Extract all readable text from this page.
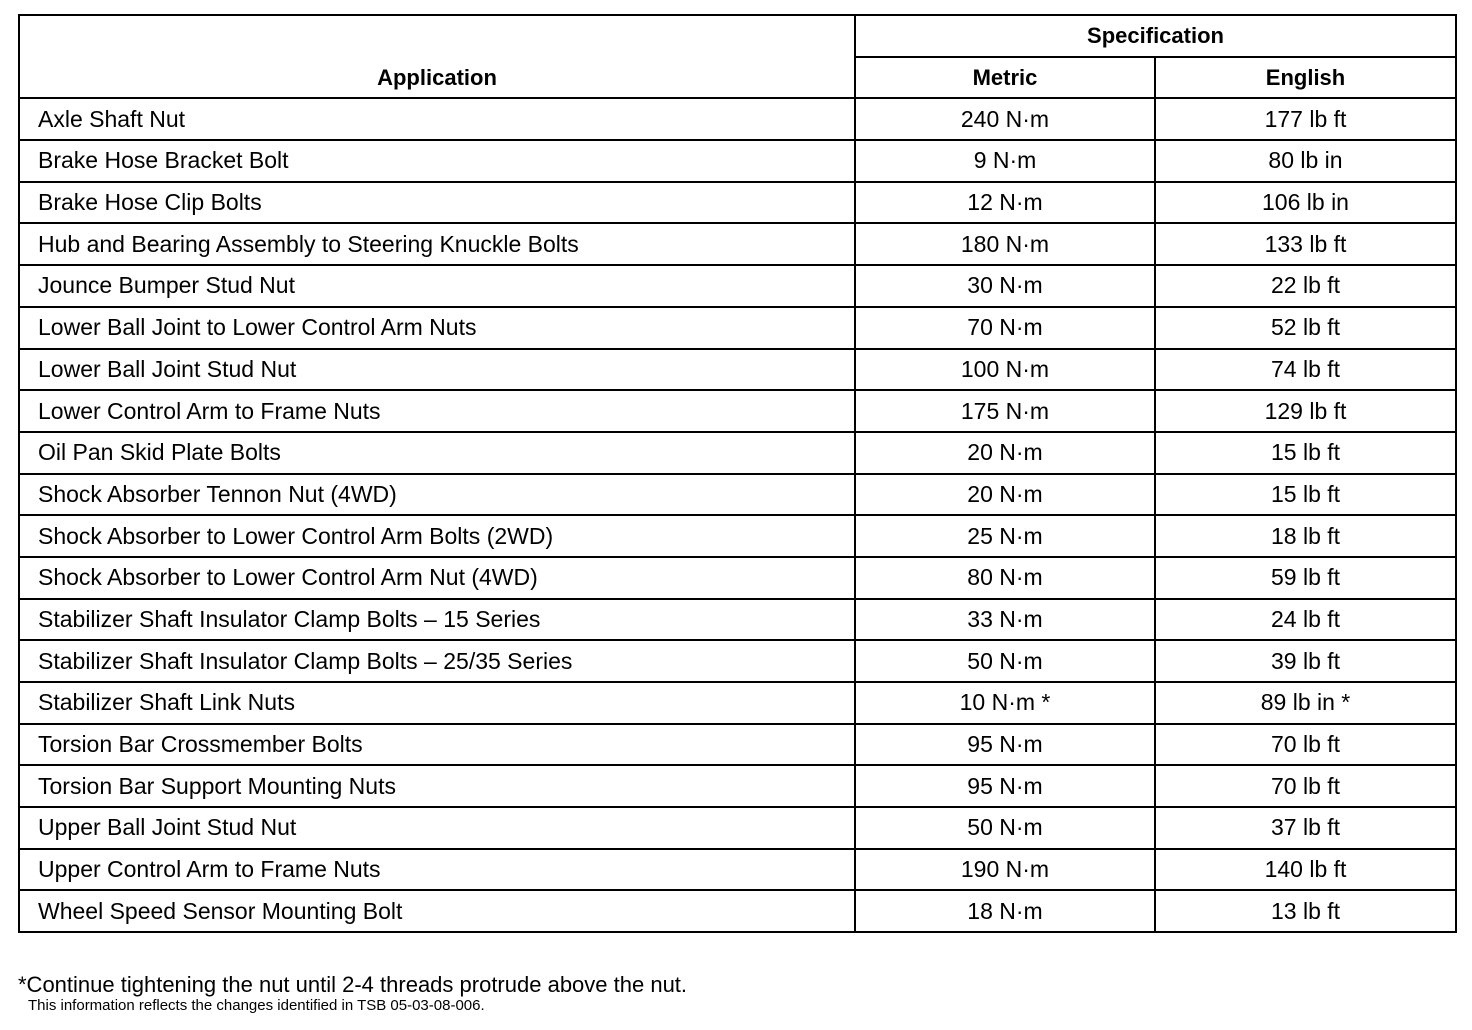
Application	Specification	
	Metric	English
Axle Shaft Nut	240 N·m	177 lb ft
Brake Hose Bracket Bolt	9 N·m	80 lb in
Brake Hose Clip Bolts	12 N·m	106 lb in
Hub and Bearing Assembly to Steering Knuckle Bolts	180 N·m	133 lb ft
Jounce Bumper Stud Nut	30 N·m	22 lb ft
Lower Ball Joint to Lower Control Arm Nuts	70 N·m	52 lb ft
Lower Ball Joint Stud Nut	100 N·m	74 lb ft
Lower Control Arm to Frame Nuts	175 N·m	129 lb ft
Oil Pan Skid Plate Bolts	20 N·m	15 lb ft
Shock Absorber Tennon Nut (4WD)	20 N·m	15 lb ft
Shock Absorber to Lower Control Arm Bolts (2WD)	25 N·m	18 lb ft
Shock Absorber to Lower Control Arm Nut (4WD)	80 N·m	59 lb ft
Stabilizer Shaft Insulator Clamp Bolts – 15 Series	33 N·m	24 lb ft
Stabilizer Shaft Insulator Clamp Bolts – 25/35 Series	50 N·m	39 lb ft
Stabilizer Shaft Link Nuts	10 N·m *	89 lb in *
Torsion Bar Crossmember Bolts	95 N·m	70 lb ft
Torsion Bar Support Mounting Nuts	95 N·m	70 lb ft
Upper Ball Joint Stud Nut	50 N·m	37 lb ft
Upper Control Arm to Frame Nuts	190 N·m	140 lb ft
Wheel Speed Sensor Mounting Bolt	18 N·m	13 lb ft
*Continue tightening the nut until 2-4 threads protrude above the nut.
This information reflects the changes identified in TSB 05-03-08-006.
